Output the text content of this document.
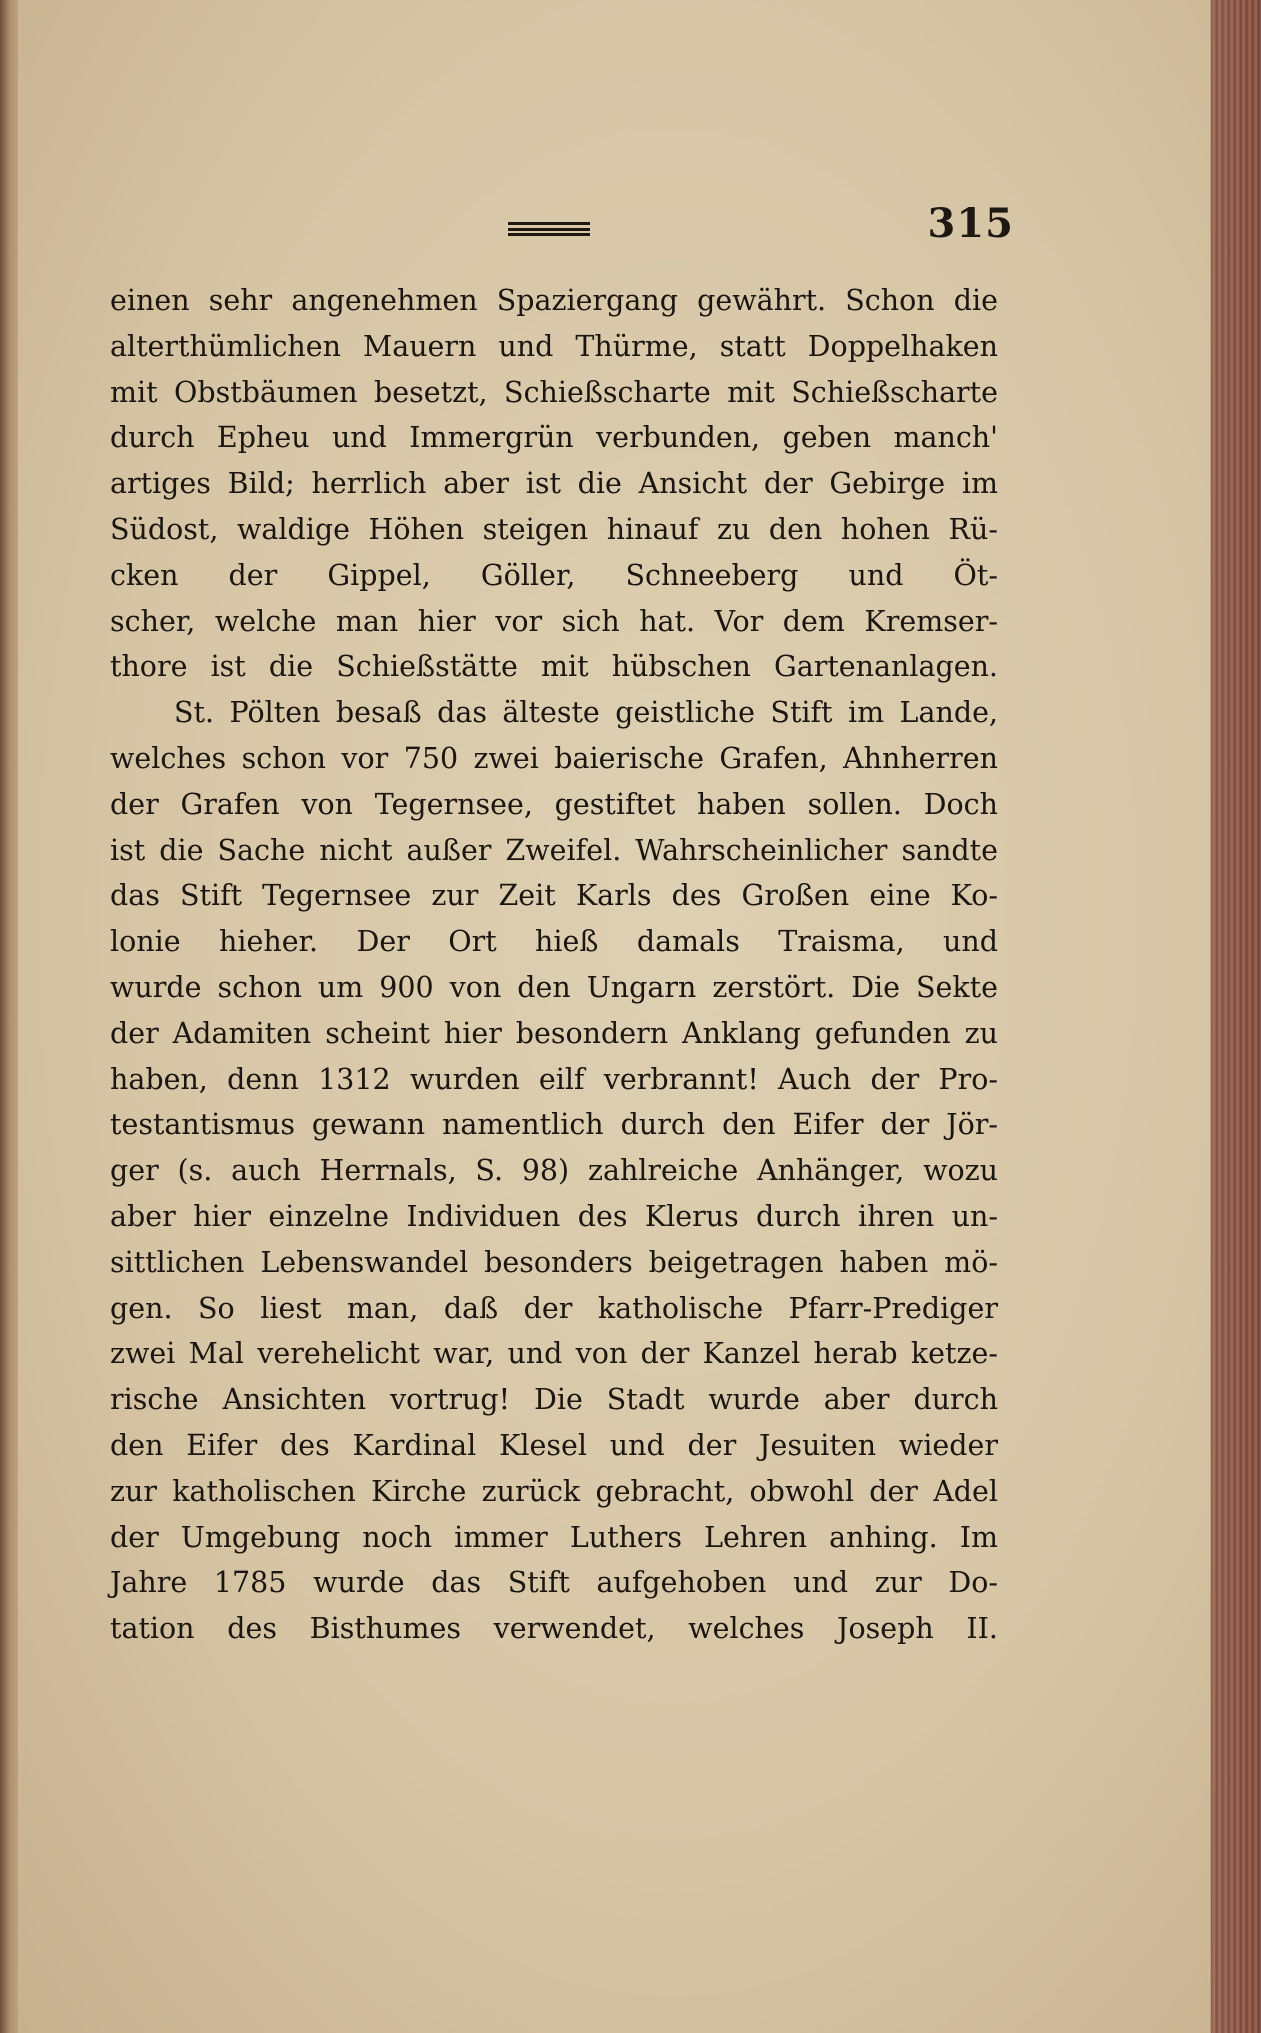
315
einen sehr angenehmen Spaziergang gewährt. Schon die
alterthümlichen Mauern und Thürme, statt Doppelhaken
mit Obstbäumen besetzt, Schießscharte mit Schießscharte
durch Epheu und Immergrün verbunden, geben manch'
artiges Bild; herrlich aber ist die Ansicht der Gebirge im
Südost, waldige Höhen steigen hinauf zu den hohen Rü-
cken der Gippel, Göller, Schneeberg und Öt-
scher, welche man hier vor sich hat. Vor dem Kremser-
thore ist die Schießstätte mit hübschen Gartenanlagen.
St. Pölten besaß das älteste geistliche Stift im Lande,
welches schon vor 750 zwei baierische Grafen, Ahnherren
der Grafen von Tegernsee, gestiftet haben sollen. Doch
ist die Sache nicht außer Zweifel. Wahrscheinlicher sandte
das Stift Tegernsee zur Zeit Karls des Großen eine Ko-
lonie hieher. Der Ort hieß damals Traisma, und
wurde schon um 900 von den Ungarn zerstört. Die Sekte
der Adamiten scheint hier besondern Anklang gefunden zu
haben, denn 1312 wurden eilf verbrannt! Auch der Pro-
testantismus gewann namentlich durch den Eifer der Jör-
ger (s. auch Herrnals, S. 98) zahlreiche Anhänger, wozu
aber hier einzelne Individuen des Klerus durch ihren un-
sittlichen Lebenswandel besonders beigetragen haben mö-
gen. So liest man, daß der katholische Pfarr-Prediger
zwei Mal verehelicht war, und von der Kanzel herab ketze-
rische Ansichten vortrug! Die Stadt wurde aber durch
den Eifer des Kardinal Klesel und der Jesuiten wieder
zur katholischen Kirche zurück gebracht, obwohl der Adel
der Umgebung noch immer Luthers Lehren anhing. Im
Jahre 1785 wurde das Stift aufgehoben und zur Do-
tation des Bisthumes verwendet, welches Joseph II.
